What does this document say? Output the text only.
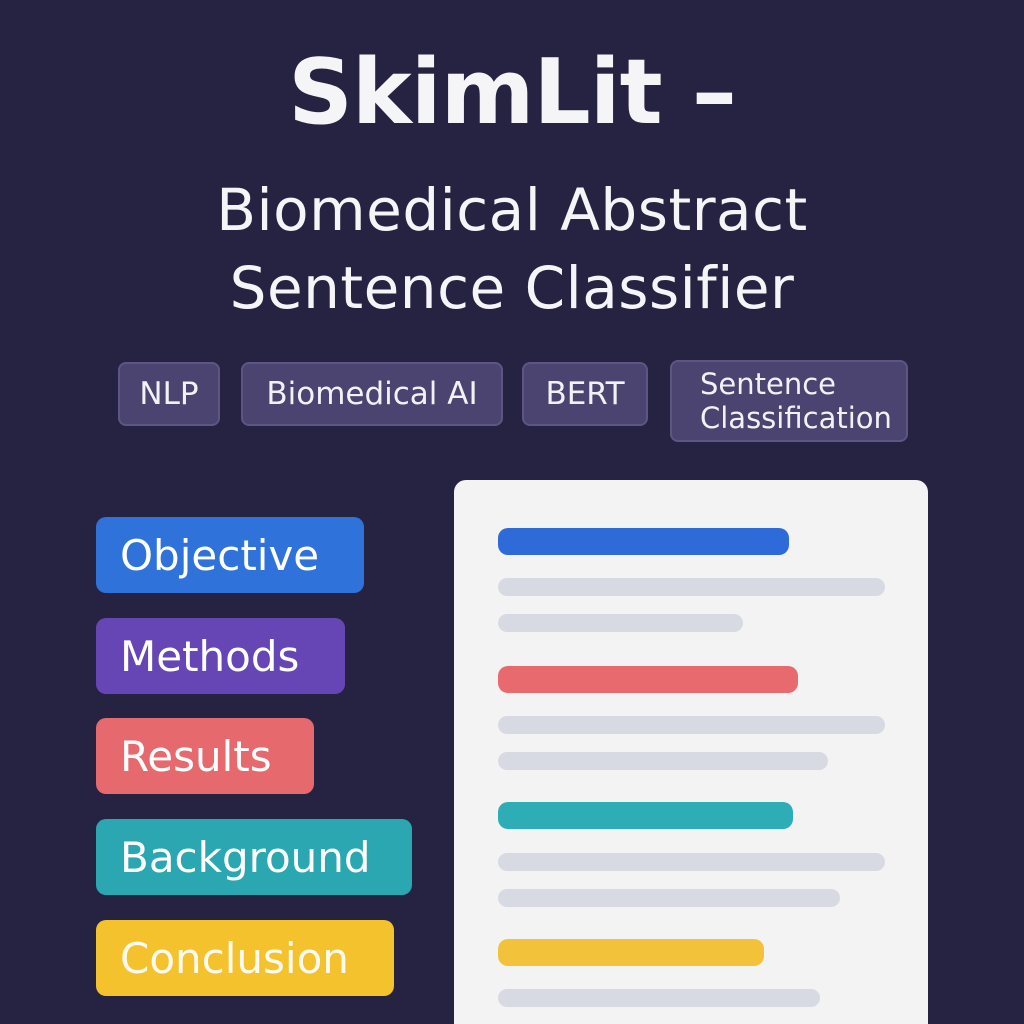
SkimLit –
Biomedical Abstract
Sentence Classifier
NLP Biomedical AI BERT	Sentence
Classification
Objective
Methods
Results
Background
Conclusion
